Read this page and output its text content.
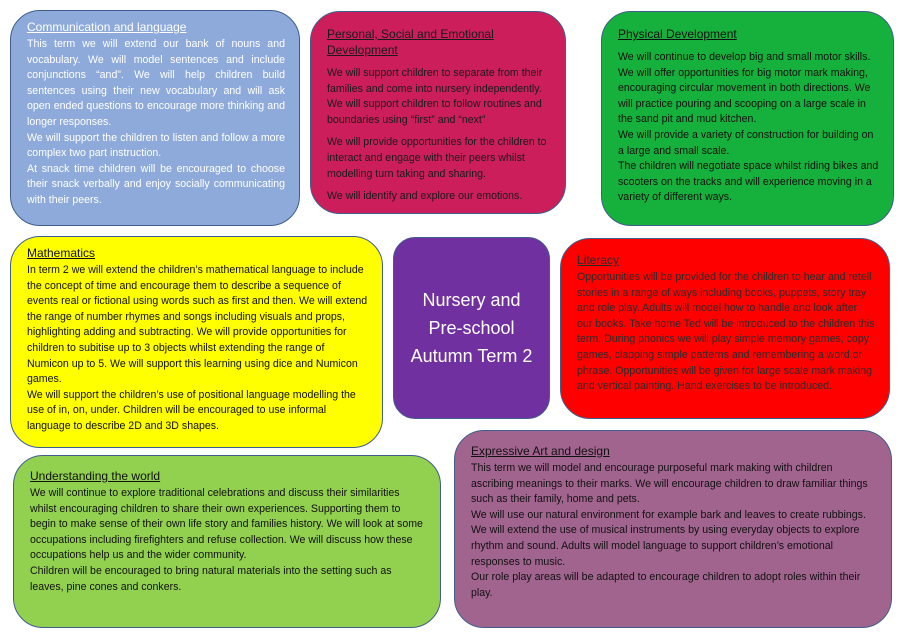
Communication and language

This term we will extend our bank of nouns and vocabulary. We will model sentences and include conjunctions “and”. We will help children build sentences using their new vocabulary and will ask open ended questions to encourage more thinking and longer responses.

We will support the children to listen and follow a more complex two part instruction.

At snack time children will be encouraged to choose their snack verbally and enjoy socially communicating with their peers.

Personal, Social and Emotional Development

We will support children to separate from their families and come into nursery independently.

We will support children to follow routines and boundaries using “first” and “next”

We will provide opportunities for the children to interact and engage with their peers whilst modelling turn taking and sharing.

We will identify and explore our emotions.

Physical Development

We will continue to develop big and small motor skills. We will offer opportunities for big motor mark making, encouraging circular movement in both directions. We will practice pouring and scooping on a large scale in the sand pit and mud kitchen.

We will provide a variety of construction for building on a large and small scale.

The children will negotiate space whilst riding bikes and scooters on the tracks and will experience moving in a variety of different ways.

Mathematics

In term 2 we will extend the children’s mathematical language to include the concept of time and encourage them to describe a sequence of events real or fictional using words such as first and then. We will extend the range of number rhymes and songs including visuals and props, highlighting adding and subtracting. We will provide opportunities for children to subitise up to 3 objects whilst extending the range of Numicon up to 5. We will support this learning using dice and Numicon games.

We will support the children’s use of positional language modelling the use of in, on, under. Children will be encouraged to use informal language to describe 2D and 3D shapes.

Nursery and Pre-school Autumn Term 2
Literacy

Opportunities will be provided for the children to hear and retell stories in a range of ways including books, puppets, story tray and role play. Adults will model how to handle and look after our books. Take home Ted will be introduced to the children this term. During phonics we will play simple memory games, copy games, clapping simple patterns and remembering a word or phrase. Opportunities will be given for large scale mark making and vertical painting. Hand exercises to be introduced.

Understanding the world

We will continue to explore traditional celebrations and discuss their similarities whilst encouraging children to share their own experiences. Supporting them to begin to make sense of their own life story and families history. We will look at some occupations including firefighters and refuse collection. We will discuss how these occupations help us and the wider community.

Children will be encouraged to bring natural materials into the setting such as leaves, pine cones and conkers.

Expressive Art and design

This term we will model and encourage purposeful mark making with children ascribing meanings to their marks. We will encourage children to draw familiar things such as their family, home and pets.

We will use our natural environment for example bark and leaves to create rubbings.

We will extend the use of musical instruments by using everyday objects to explore rhythm and sound. Adults will model language to support children’s emotional responses to music.

Our role play areas will be adapted to encourage children to adopt roles within their play.
